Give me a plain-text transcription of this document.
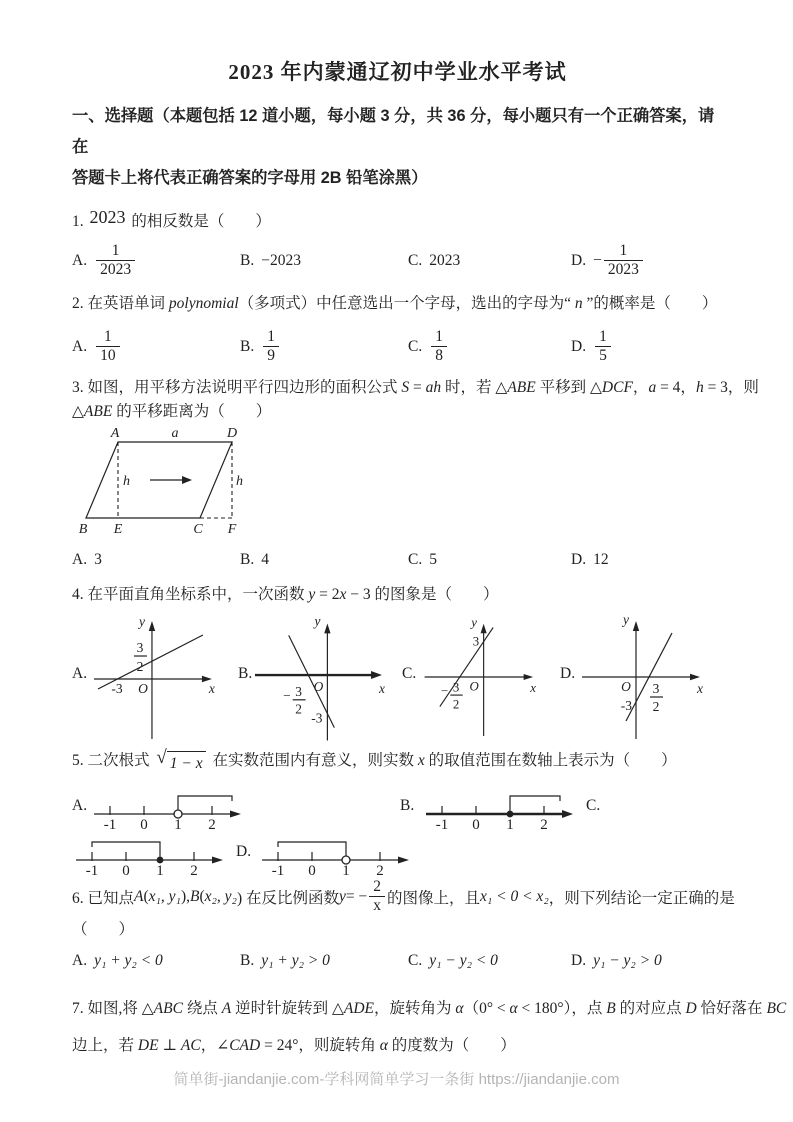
2023 年内蒙通辽初中学业水平考试
一、选择题（本题包括 12 道小题，每小题 3 分，共 36 分，每小题只有一个正确答案，请在
答题卡上将代表正确答案的字母用 2B 铅笔涂黑）
1. 2023 的相反数是（　　）
A. $\frac{1}{2023}$	B. −2023	C. 2023	D. − $\frac{1}{2023}$
2. 在英语单词 polynomial（多项式）中任意选出一个字母，选出的字母为“ n ”的概率是（　　）
A. $\frac{1}{10}$	B. $\frac{1}{9}$	C. $\frac{1}{8}$	D. $\frac{1}{5}$
3. 如图，用平移方法说明平行四边形的面积公式 S = ah 时，若 △ABE 平移到 △DCF，a = 4，h = 3，则
△ABE 的平移距离为（　　）
A	a	D
h	h
B E	C F
A. 3	B. 4	C. 5	D. 12
4. 在平面直角坐标系中，一次函数 y = 2x − 3 的图象是（　　）
A.
y
x
O
-3
3
2	B.
y
x
O
− 3
2
-3
C.
y
x
O
3
− 3
2
D.
y
x
O 3
2
-3
5. 二次根式 √ 1 − x 在实数范围内有意义，则实数 x 的取值范围在数轴上表示为（　　）
A.
-1 0 1 2
B.
-1 0 1 2
C.
-1 0 1 2
D.
-1 0 1 2
6. 已知点 A ( x₁, y₁ ), B ( x₂, y₂ ) 在反比例函数 y = − $\frac{2}{x}$ 的图像上，且 x₁ < 0 < x₂ ，则下列结论一定正确的是
（　　）
A. y₁ + y₂ < 0	B. y₁ + y₂ > 0	C. y₁ − y₂ < 0	D. y₁ − y₂ > 0
7. 如图,将 △ABC 绕点 A 逆时针旋转到 △ADE，旋转角为 α（0° < α < 180°），点 B 的对应点 D 恰好落在 BC
边上，若 DE ⊥ AC，∠CAD = 24°，则旋转角 α 的度数为（　　）
简单街-jiandanjie.com-学科网简单学习一条街 https://jiandanjie.com
